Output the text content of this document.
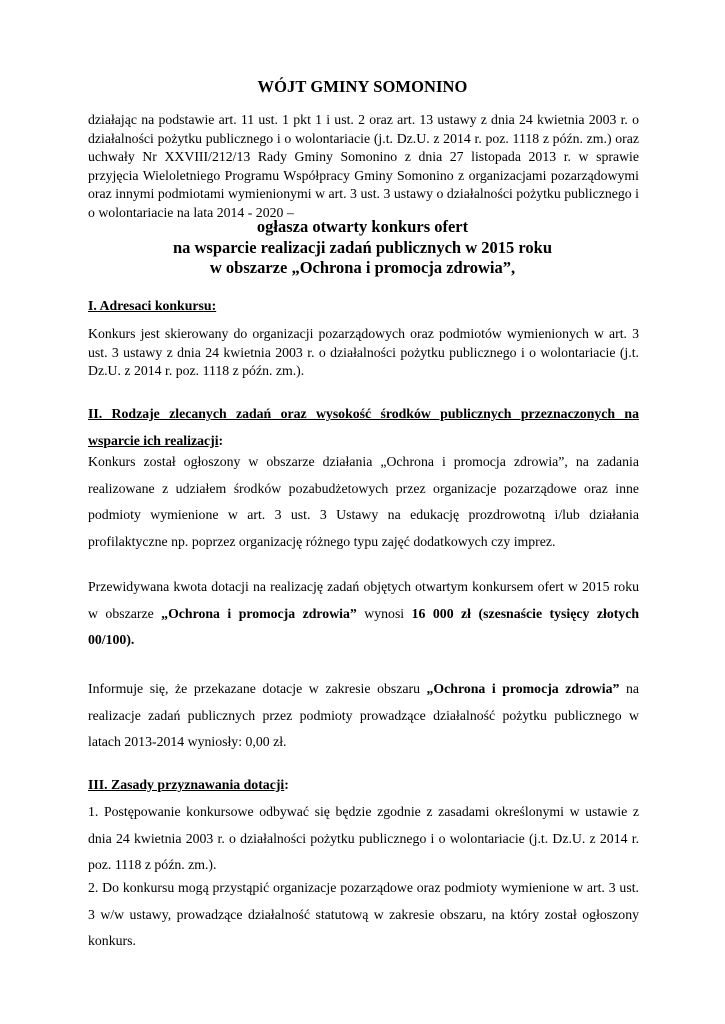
WÓJT GMINY SOMONINO

działając na podstawie art. 11 ust. 1 pkt 1 i ust. 2 oraz art. 13 ustawy z dnia 24 kwietnia 2003 r. o działalności pożytku publicznego i o wolontariacie (j.t. Dz.U. z 2014 r. poz. 1118 z późn. zm.) oraz uchwały Nr XXVIII/212/13 Rady Gminy Somonino z dnia 27 listopada 2013 r. w sprawie przyjęcia Wieloletniego Programu Współpracy Gminy Somonino z organizacjami pozarządowymi oraz innymi podmiotami wymienionymi w art. 3 ust. 3 ustawy o działalności pożytku publicznego i o wolontariacie na lata 2014 - 2020 –

ogłasza otwarty konkurs ofert
na wsparcie realizacji zadań publicznych w 2015 roku
w obszarze „Ochrona i promocja zdrowia”,
I. Adresaci konkursu:

Konkurs jest skierowany do organizacji pozarządowych oraz podmiotów wymienionych w art. 3 ust. 3 ustawy z dnia 24 kwietnia 2003 r. o działalności pożytku publicznego i o wolontariacie (j.t. Dz.U. z 2014 r. poz. 1118 z późn. zm.).

II. Rodzaje zlecanych zadań oraz wysokość środków publicznych przeznaczonych na wsparcie ich realizacji:

Konkurs został ogłoszony w obszarze działania „Ochrona i promocja zdrowia”, na zadania realizowane z udziałem środków pozabudżetowych przez organizacje pozarządowe oraz inne podmioty wymienione w art. 3 ust. 3 Ustawy na edukację prozdrowotną i/lub działania profilaktyczne np. poprzez organizację różnego typu zajęć dodatkowych czy imprez.

Przewidywana kwota dotacji na realizację zadań objętych otwartym konkursem ofert w 2015 roku w obszarze „Ochrona i promocja zdrowia” wynosi 16 000 zł (szesnaście tysięcy złotych 00/100).

Informuje się, że przekazane dotacje w zakresie obszaru „Ochrona i promocja zdrowia” na realizacje zadań publicznych przez podmioty prowadzące działalność pożytku publicznego w latach 2013-2014 wyniosły: 0,00 zł.

III. Zasady przyznawania dotacji:

1. Postępowanie konkursowe odbywać się będzie zgodnie z zasadami określonymi w ustawie z dnia 24 kwietnia 2003 r. o działalności pożytku publicznego i o wolontariacie (j.t. Dz.U. z 2014 r. poz. 1118 z późn. zm.).

2. Do konkursu mogą przystąpić organizacje pozarządowe oraz podmioty wymienione w art. 3 ust. 3 w/w ustawy, prowadzące działalność statutową w zakresie obszaru, na który został ogłoszony konkurs.
